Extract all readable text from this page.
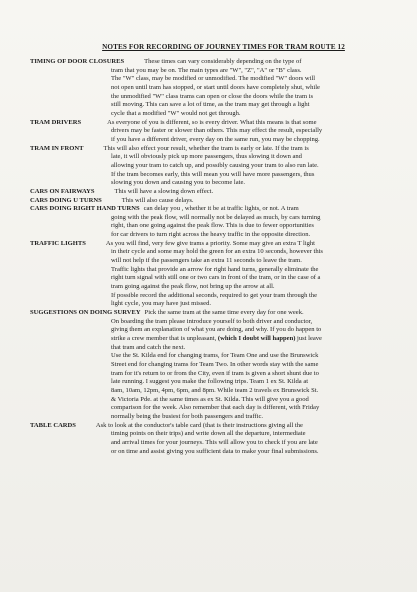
NOTES FOR RECORDING OF JOURNEY TIMES FOR TRAM ROUTE 12
TIMING OF DOOR CLOSURES	These times can vary considerably depending on the type of
tram that you may be on. The main types are "W", "Z", "A" or "B" class.
The "W" class, may be modified or unmodified. The modified "W" doors will
not open until tram has stopped, or start until doors have completely shut, while
the unmodified "W" class trams can open or close the doors while the tram is
still moving. This can save a lot of time, as the tram may get through a light
cycle that a modified "W" would not get through.
TRAM DRIVERS	As everyone of you is different, so is every driver. What this means is that some
drivers may be faster or slower than others. This may effect the result, especially
if you have a different driver, every day on the same run, you may be chopping.
TRAM IN FRONT	This will also effect your result, whether the tram is early or late. If the tram is
late, it will obviously pick up more passengers, thus slowing it down and
allowing your tram to catch up, and possibly causing your tram to also run late.
If the tram becomes early, this will mean you will have more passengers, thus
slowing you down and causing you to become late.
CARS ON FAIRWAYS	This will have a slowing down effect.
CARS DOING U TURNS	This will also cause delays.
CARS DOING RIGHT HAND TURNS can delay you , whether it be at traffic lights, or not. A tram
going with the peak flow, will normally not be delayed as much, by cars turning
right, than one going against the peak flow. This is due to fewer opportunities
for car drivers to turn right across the heavy traffic in the opposite direction.
TRAFFIC LIGHTS	As you will find, very few give trams a priority. Some may give an extra T light
in their cycle and some may hold the green for an extra 10 seconds, however this
will not help if the passengers take an extra 11 seconds to leave the tram.
Traffic lights that provide an arrow for right hand turns, generally eliminate the
right turn signal with still one or two cars in front of the tram, or in the case of a
tram going against the peak flow, not bring up the arrow at all.
If possible record the additional seconds, required to get your tram through the
light cycle, you may have just missed.
SUGGESTIONS ON DOING SURVEY Pick the same tram at the same time every day for one week.
On boarding the tram please introduce yourself to both driver and conductor,
giving them an explanation of what you are doing, and why. If you do happen to
strike a crew member that is unpleasant, (which I doubt will happen) just leave
that tram and catch the next.
Use the St. Kilda end for changing trams, for Team One and use the Brunswick
Street end for changing trams for Team Two. In other words stay with the same
tram for it's return to or from the City, even if tram is given a short shunt due to
late running. I suggest you make the following trips. Team 1 ex St. Kilda at
8am, 10am, 12pm, 4pm, 6pm, and 8pm. While team 2 travels ex Brunswick St.
& Victoria Pde. at the same times as ex St. Kilda. This will give you a good
comparison for the week. Also remember that each day is different, with Friday
normally being the busiest for both passengers and traffic.
TABLE CARDS	Ask to look at the conductor's table card (that is their instructions giving all the
timing points on their trips) and write down all the departure, intermediate
and arrival times for your journeys. This will allow you to check if you are late
or on time and assist giving you sufficient data to make your final submissions.
